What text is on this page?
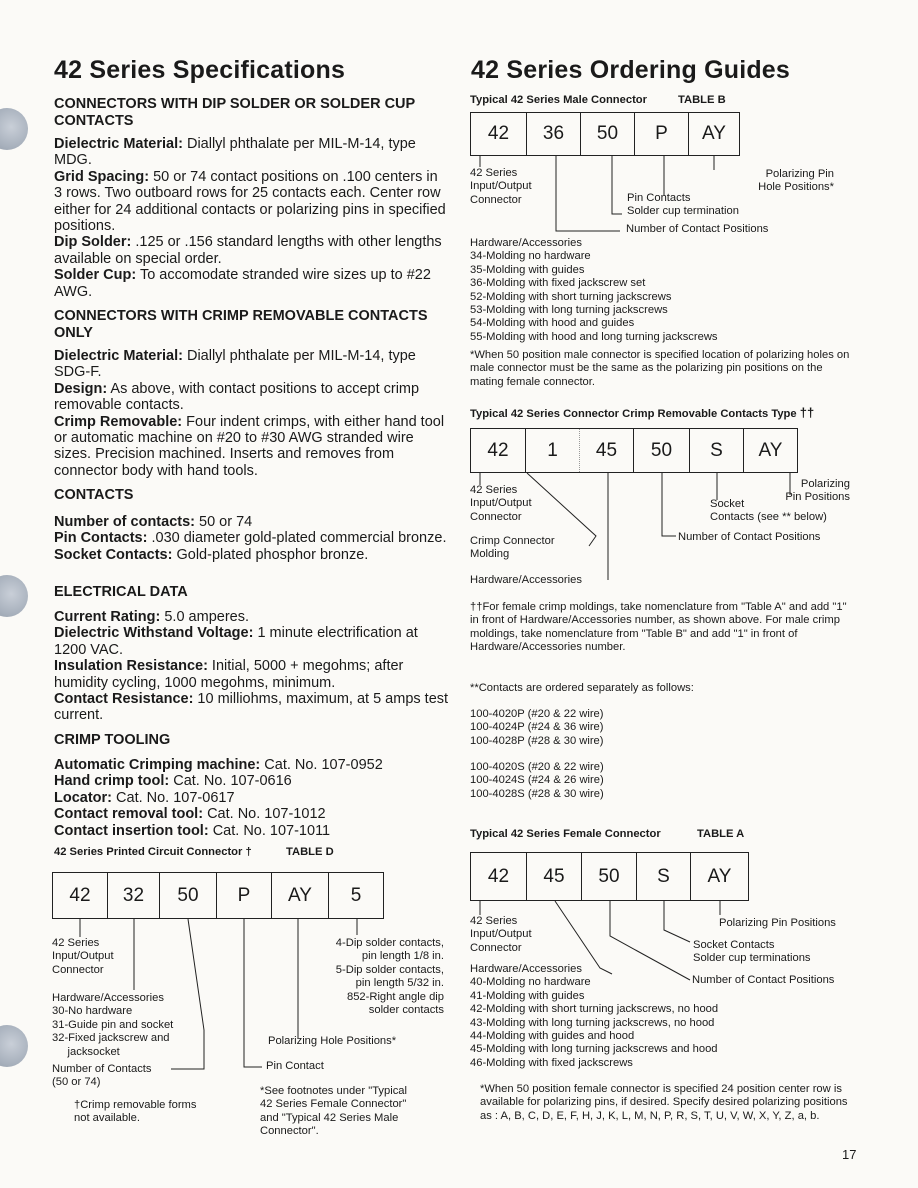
42 Series Specifications
CONNECTORS WITH DIP SOLDER OR SOLDER CUP CONTACTS
Dielectric Material: Diallyl phthalate per MIL-M-14, type MDG.
Grid Spacing: 50 or 74 contact positions on .100 centers in 3 rows. Two outboard rows for 25 contacts each. Center row either for 24 additional contacts or polarizing pins in specified positions.
Dip Solder: .125 or .156 standard lengths with other lengths available on special order.
Solder Cup: To accomodate stranded wire sizes up to #22 AWG.
CONNECTORS WITH CRIMP REMOVABLE CONTACTS ONLY
Dielectric Material: Diallyl phthalate per MIL-M-14, type SDG-F.
Design: As above, with contact positions to accept crimp removable contacts.
Crimp Removable: Four indent crimps, with either hand tool or automatic machine on #20 to #30 AWG stranded wire sizes. Precision machined. Inserts and removes from connector body with hand tools.
CONTACTS
Number of contacts: 50 or 74
Pin Contacts: .030 diameter gold-plated commercial bronze.
Socket Contacts: Gold-plated phosphor bronze.
ELECTRICAL DATA
Current Rating: 5.0 amperes.
Dielectric Withstand Voltage: 1 minute electrification at 1200 VAC.
Insulation Resistance: Initial, 5000 + megohms; after humidity cycling, 1000 megohms, minimum.
Contact Resistance: 10 milliohms, maximum, at 5 amps test current.
CRIMP TOOLING
Automatic Crimping machine: Cat. No. 107-0952
Hand crimp tool: Cat. No. 107-0616
Locator: Cat. No. 107-0617
Contact removal tool: Cat. No. 107-1012
Contact insertion tool: Cat. No. 107-1011
42 Series Printed Circuit Connector †	TABLE D
42	32	50	P	AY	5
42 Series
Input/Output
Connector
Hardware/Accessories
30-No hardware
31-Guide pin and socket
32-Fixed jackscrew and
jacksocket
Number of Contacts
(50 or 74)
4-Dip solder contacts,
pin length 1/8 in.
5-Dip solder contacts,
pin length 5/32 in.
852-Right angle dip
solder contacts
Polarizing Hole Positions*
Pin Contact
†Crimp removable forms
not available.
*See footnotes under "Typical
42 Series Female Connector"
and "Typical 42 Series Male
Connector".
42 Series Ordering Guides
Typical 42 Series Male Connector	TABLE B
42	36	50	P	AY
42 Series
Input/Output
Connector
Polarizing Pin
Hole Positions*
Pin Contacts
Solder cup termination
Number of Contact Positions
Hardware/Accessories
34-Molding no hardware
35-Molding with guides
36-Molding with fixed jackscrew set
52-Molding with short turning jackscrews
53-Molding with long turning jackscrews
54-Molding with hood and guides
55-Molding with hood and long turning jackscrews
*When 50 position male connector is specified location of polarizing holes on male connector must be the same as the polarizing pin positions on the mating female connector.
Typical 42 Series Connector Crimp Removable Contacts Type ††
42	1	45	50	S	AY
42 Series
Input/Output
Connector
Crimp Connector
Molding
Hardware/Accessories
Socket
Contacts (see ** below)
Polarizing
Pin Positions
Number of Contact Positions
††For female crimp moldings, take nomenclature from "Table A" and add "1" in front of Hardware/Accessories number, as shown above. For male crimp moldings, take nomenclature from "Table B" and add "1" in front of Hardware/Accessories number.
**Contacts are ordered separately as follows:
100-4020P (#20 & 22 wire)
100-4024P (#24 & 36 wire)
100-4028P (#28 & 30 wire)
100-4020S (#20 & 22 wire)
100-4024S (#24 & 26 wire)
100-4028S (#28 & 30 wire)
Typical 42 Series Female Connector	TABLE A
42	45	50	S	AY
42 Series
Input/Output
Connector
Polarizing Pin Positions
Socket Contacts
Solder cup terminations
Number of Contact Positions
Hardware/Accessories
40-Molding no hardware
41-Molding with guides
42-Molding with short turning jackscrews, no hood
43-Molding with long turning jackscrews, no hood
44-Molding with guides and hood
45-Molding with long turning jackscrews and hood
46-Molding with fixed jackscrews
*When 50 position female connector is specified 24 position center row is available for polarizing pins, if desired. Specify desired polarizing positions as : A, B, C, D, E, F, H, J, K, L, M, N, P, R, S, T, U, V, W, X, Y, Z, a, b.
17
